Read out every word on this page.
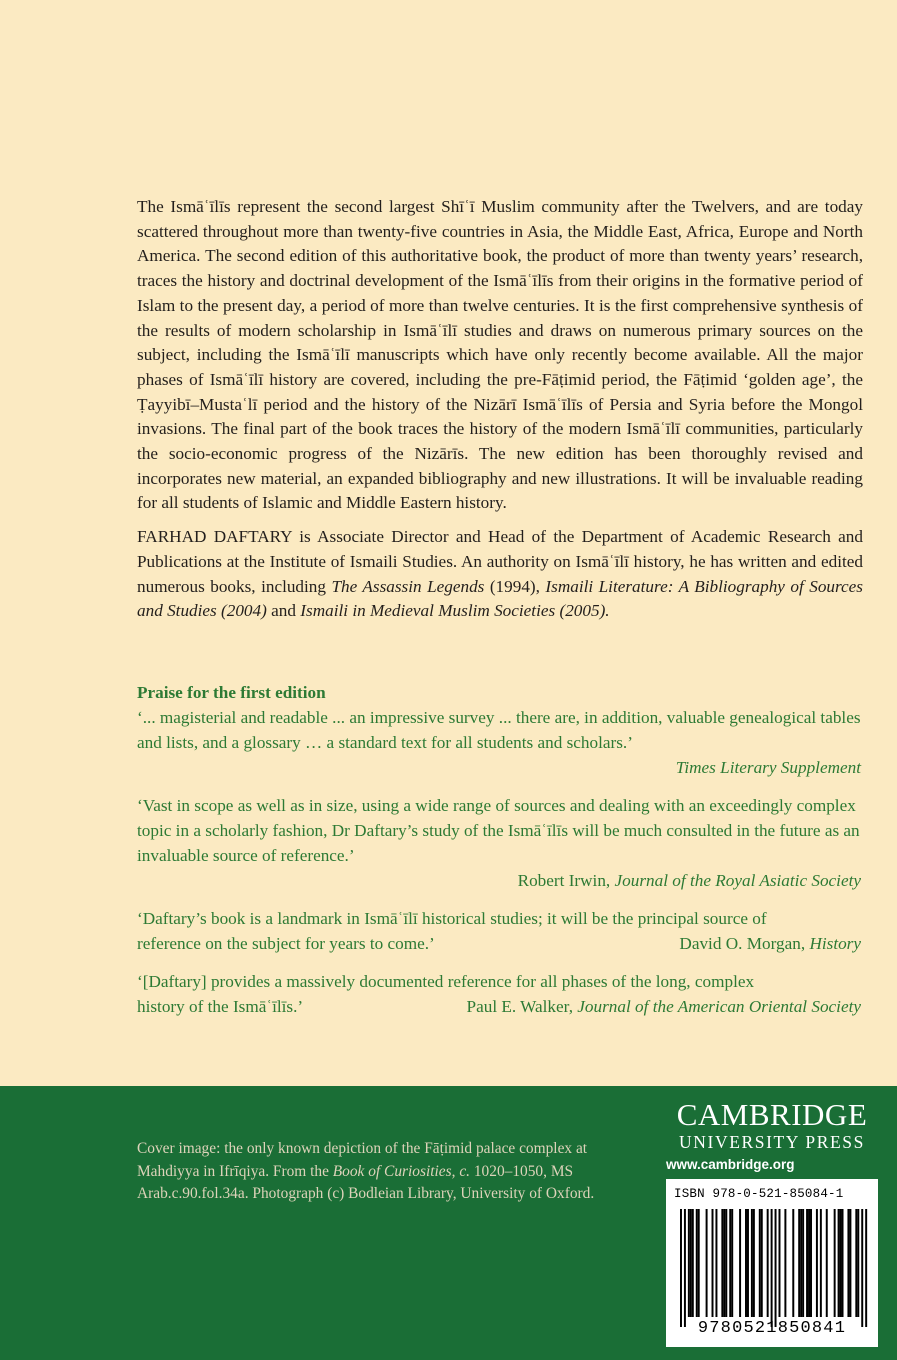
The Ismāʿīlīs represent the second largest Shīʿī Muslim community after the Twelvers, and are today scattered throughout more than twenty-five countries in Asia, the Middle East, Africa, Europe and North America. The second edition of this authoritative book, the product of more than twenty years’ research, traces the history and doctrinal development of the Ismāʿīlīs from their origins in the formative period of Islam to the present day, a period of more than twelve centuries. It is the first comprehensive synthesis of the results of modern scholarship in Ismāʿīlī studies and draws on numerous primary sources on the subject, including the Ismāʿīlī manuscripts which have only recently become available. All the major phases of Ismāʿīlī history are covered, including the pre-Fāṭimid period, the Fāṭimid ‘golden age’, the Ṭayyibī–Mustaʿlī period and the history of the Nizārī Ismāʿīlīs of Persia and Syria before the Mongol invasions. The final part of the book traces the history of the modern Ismāʿīlī communities, particularly the socio-economic progress of the Nizārīs. The new edition has been thoroughly revised and incorporates new material, an expanded bibliography and new illustrations. It will be invaluable reading for all students of Islamic and Middle Eastern history.

FARHAD DAFTARY is Associate Director and Head of the Department of Academic Research and Publications at the Institute of Ismaili Studies. An authority on Ismāʿīlī history, he has written and edited numerous books, including The Assassin Legends (1994), Ismaili Literature: A Bibliography of Sources and Studies (2004) and Ismaili in Medieval Muslim Societies (2005).

Praise for the first edition

‘... magisterial and readable ... an impressive survey ... there are, in addition, valuable genealogical tables and lists, and a glossary … a standard text for all students and scholars.’

Times Literary Supplement

‘Vast in scope as well as in size, using a wide range of sources and dealing with an exceedingly complex topic in a scholarly fashion, Dr Daftary’s study of the Ismāʿīlīs will be much consulted in the future as an invaluable source of reference.’

Robert Irwin, Journal of the Royal Asiatic Society

‘Daftary’s book is a landmark in Ismāʿīlī historical studies; it will be the principal source of

reference on the subject for years to come.’	David O. Morgan, History

‘[Daftary] provides a massively documented reference for all phases of the long, complex

history of the Ismāʿīlīs.’	Paul E. Walker, Journal of the American Oriental Society

Cover image: the only known depiction of the Fāṭimid palace complex at Mahdiyya in Ifrīqiya. From the Book of Curiosities, c. 1020–1050, MS Arab.c.90.fol.34a. Photograph (c) Bodleian Library, University of Oxford.

CAMBRIDGE
UNIVERSITY PRESS
www.cambridge.org
ISBN 978-0-521-85084-1
9780521850841
